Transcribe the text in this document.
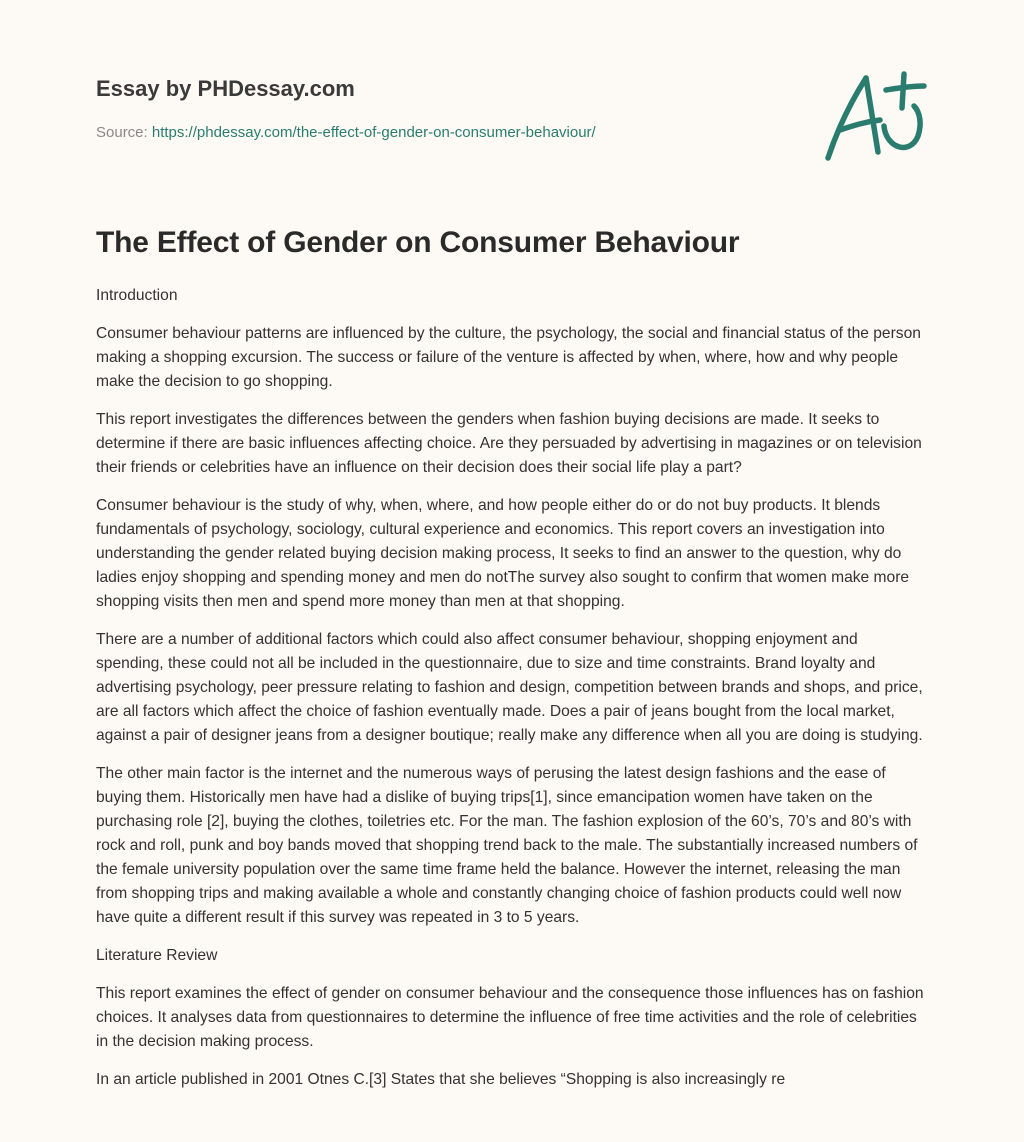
Essay by PHDessay.com

Source: https://phdessay.com/the-effect-of-gender-on-consumer-behaviour/

The Effect of Gender on Consumer Behaviour

Introduction

Consumer behaviour patterns are influenced by the culture, the psychology, the social and financial status of the person making a shopping excursion. The success or failure of the venture is affected by when, where, how and why people make the decision to go shopping.

This report investigates the differences between the genders when fashion buying decisions are made. It seeks to determine if there are basic influences affecting choice. Are they persuaded by advertising in magazines or on television their friends or celebrities have an influence on their decision does their social life play a part?

Consumer behaviour is the study of why, when, where, and how people either do or do not buy products. It blends fundamentals of psychology, sociology, cultural experience and economics. This report covers an investigation into understanding the gender related buying decision making process, It seeks to find an answer to the question, why do ladies enjoy shopping and spending money and men do notThe survey also sought to confirm that women make more shopping visits then men and spend more money than men at that shopping.

There are a number of additional factors which could also affect consumer behaviour, shopping enjoyment and spending, these could not all be included in the questionnaire, due to size and time constraints. Brand loyalty and advertising psychology, peer pressure relating to fashion and design, competition between brands and shops, and price, are all factors which affect the choice of fashion eventually made. Does a pair of jeans bought from the local market, against a pair of designer jeans from a designer boutique; really make any difference when all you are doing is studying.

The other main factor is the internet and the numerous ways of perusing the latest design fashions and the ease of buying them. Historically men have had a dislike of buying trips[1], since emancipation women have taken on the purchasing role [2], buying the clothes, toiletries etc. For the man. The fashion explosion of the 60’s, 70’s and 80’s with rock and roll, punk and boy bands moved that shopping trend back to the male. The substantially increased numbers of the female university population over the same time frame held the balance. However the internet, releasing the man from shopping trips and making available a whole and constantly changing choice of fashion products could well now have quite a different result if this survey was repeated in 3 to 5 years.

Literature Review

This report examines the effect of gender on consumer behaviour and the consequence those influences has on fashion choices. It analyses data from questionnaires to determine the influence of free time activities and the role of celebrities in the decision making process.

In an article published in 2001 Otnes C.[3] States that she believes “Shopping is also increasingly re
